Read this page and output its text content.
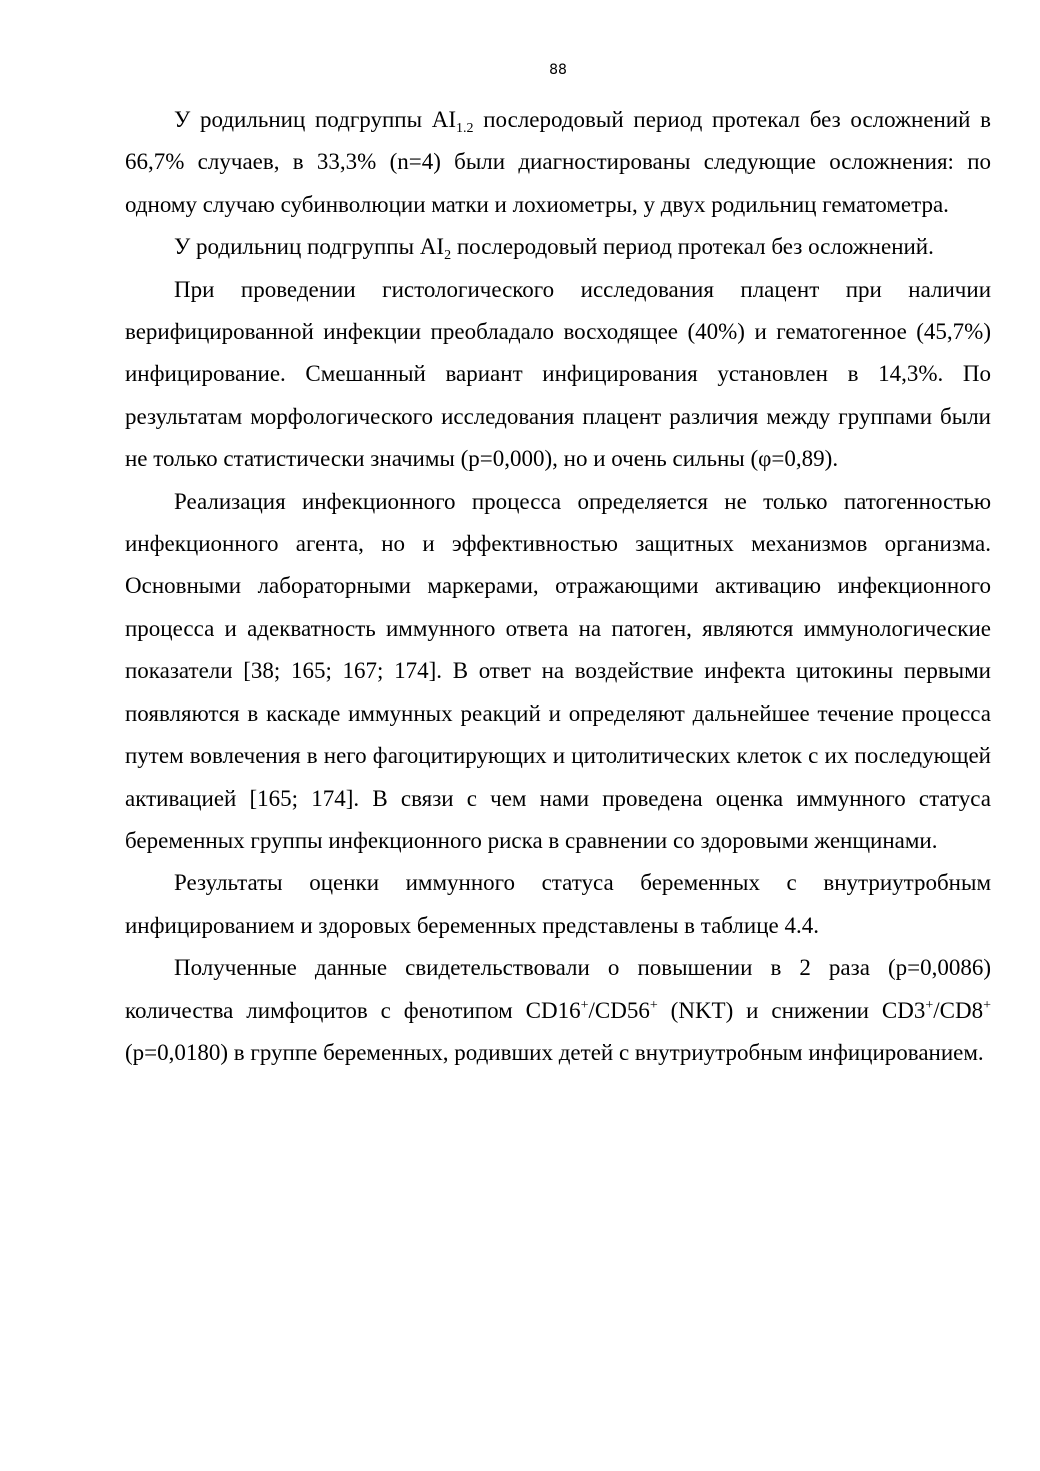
88

У родильниц подгруппы $AI_{1.2}$ послеродовый период протекал без осложнений в 66,7% случаев, в 33,3% (n=4) были диагностированы следующие осложнения: по одному случаю субинволюции матки и лохиометры, у двух родильниц гематометра.

У родильниц подгруппы $AI_2$ послеродовый период протекал без осложнений.

При проведении гистологического исследования плацент при наличии верифицированной инфекции преобладало восходящее (40%) и гематогенное (45,7%) инфицирование. Смешанный вариант инфицирования установлен в 14,3%. По результатам морфологического исследования плацент различия между группами были не только статистически значимы (p=0,000), но и очень сильны (φ=0,89).

Реализация инфекционного процесса определяется не только патогенностью инфекционного агента, но и эффективностью защитных механизмов организма. Основными лабораторными маркерами, отражающими активацию инфекционного процесса и адекватность иммунного ответа на патоген, являются иммунологические показатели [38; 165; 167; 174]. В ответ на воздействие инфекта цитокины первыми появляются в каскаде иммунных реакций и определяют дальнейшее течение процесса путем вовлечения в него фагоцитирующих и цитолитических клеток с их последующей активацией [165; 174]. В связи с чем нами проведена оценка иммунного статуса беременных группы инфекционного риска в сравнении со здоровыми женщинами.

Результаты оценки иммунного статуса беременных с внутриутробным инфицированием и здоровых беременных представлены в таблице 4.4.

Полученные данные свидетельствовали о повышении в 2 раза (p=0,0086) количества лимфоцитов с фенотипом CD16+/CD56+ (NKT) и снижении CD3+/CD8+ (p=0,0180) в группе беременных, родивших детей с внутриутробным инфицированием.
